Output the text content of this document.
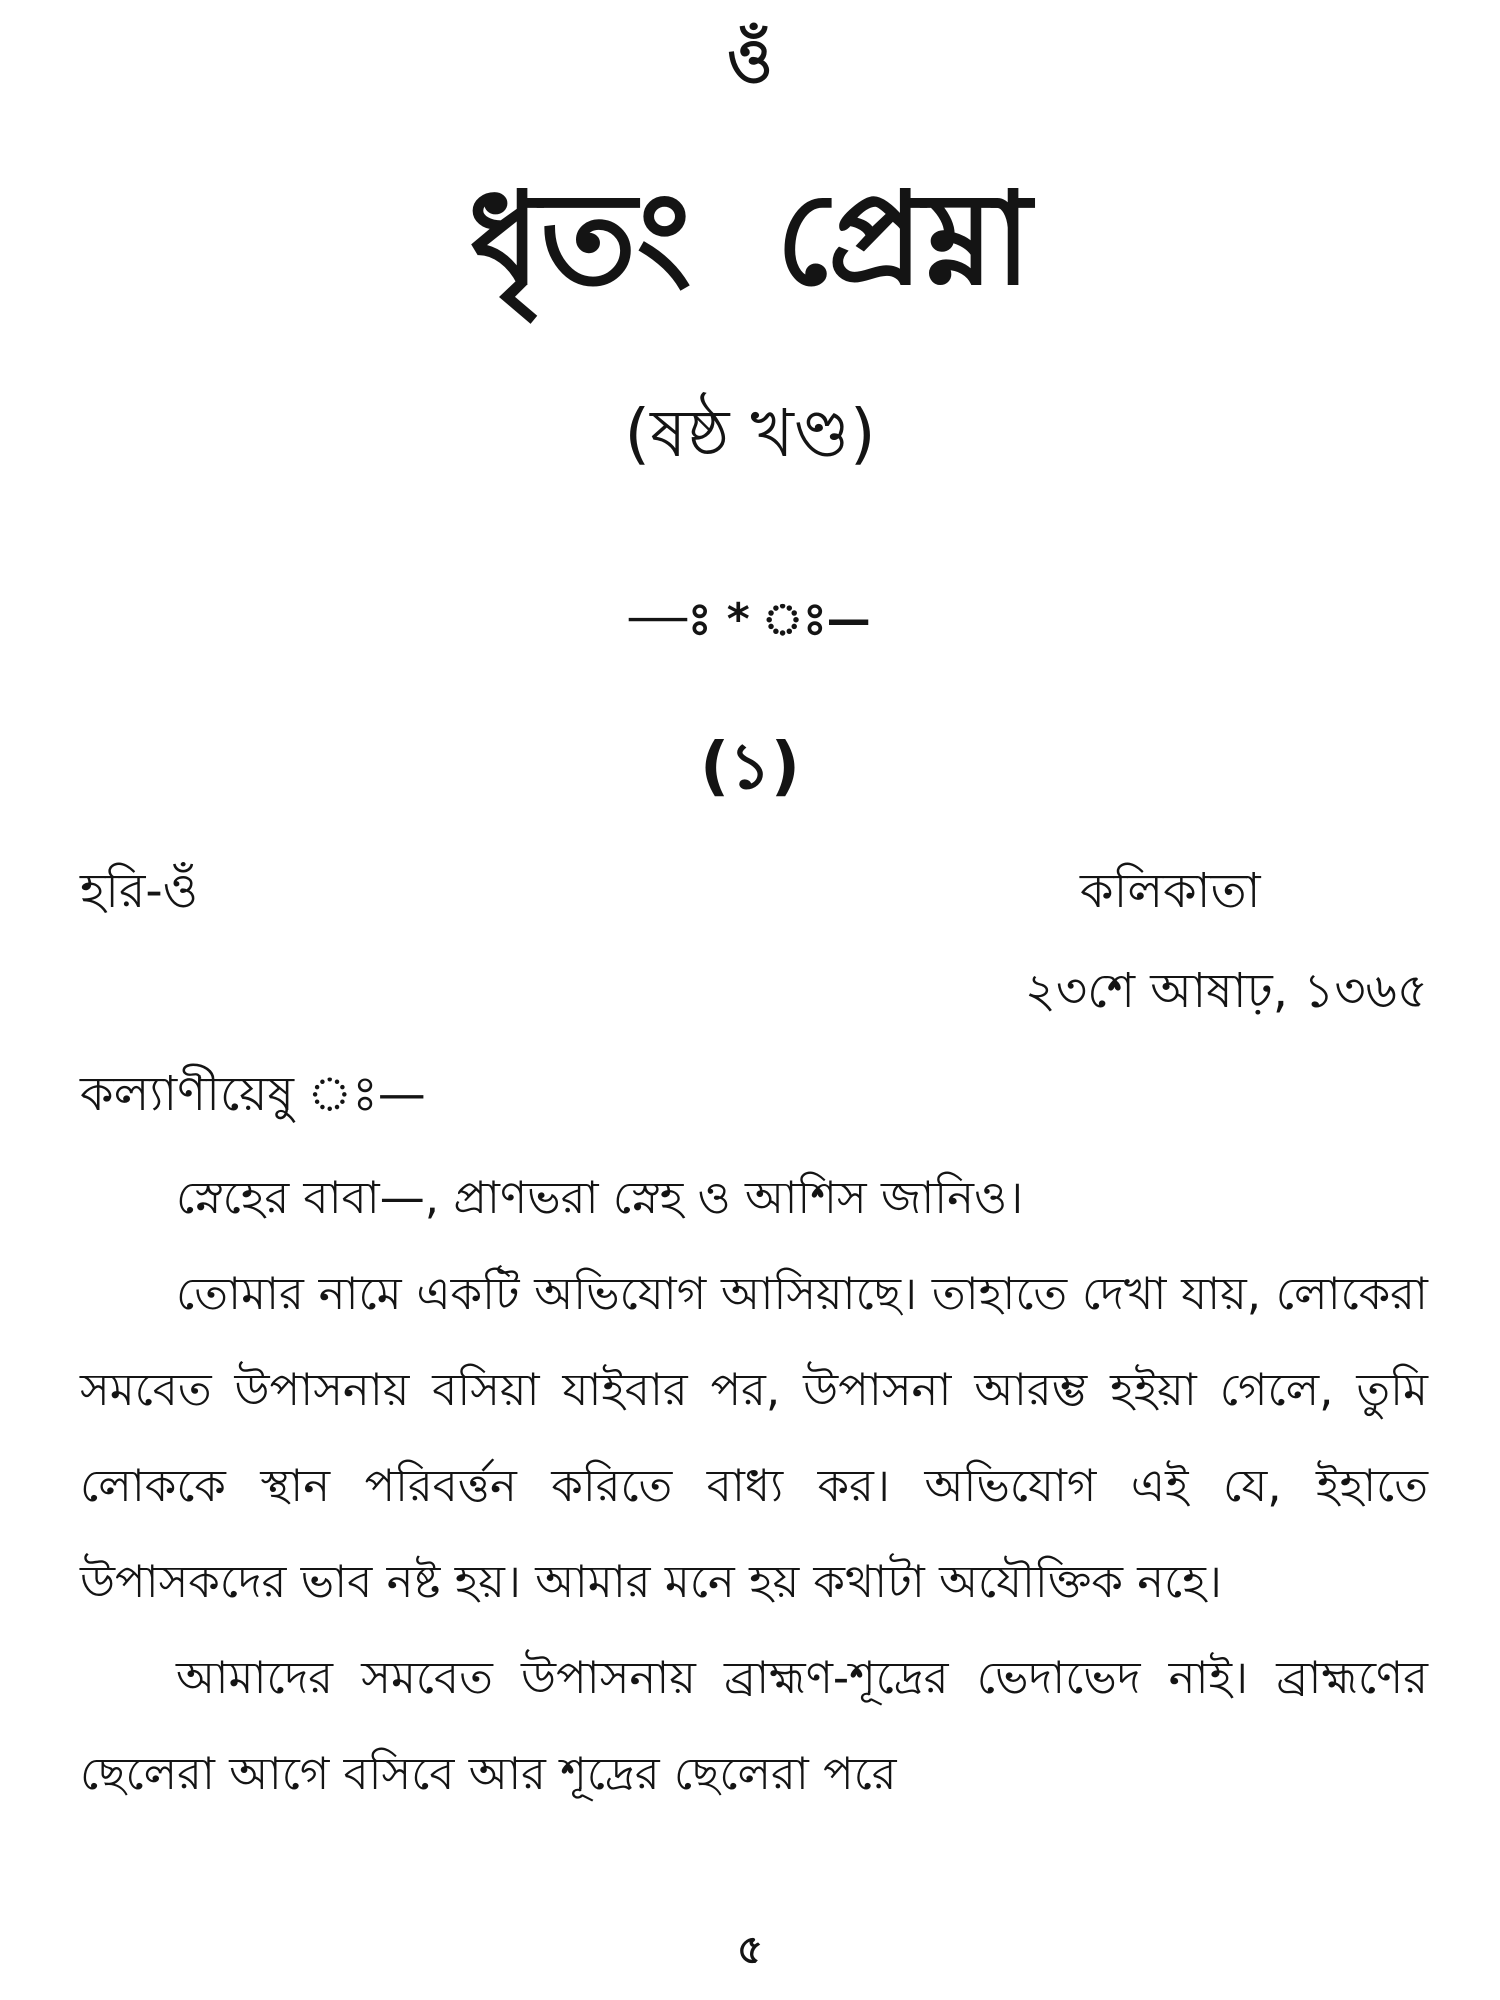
ওঁ
ধৃতং প্রেম্না
(ষষ্ঠ খণ্ড)
—ঃ * ঃ—
(১)
হরি-ওঁ	কলিকাতা
২৩শে আষাঢ়, ১৩৬৫
কল্যাণীয়েষু ঃ—

স্নেহের বাবা—, প্রাণভরা স্নেহ ও আশিস জানিও।

তোমার নামে একটি অভিযোগ আসিয়াছে। তাহাতে দেখা যায়, লোকেরা সমবেত উপাসনায় বসিয়া যাইবার পর, উপাসনা আরম্ভ হইয়া গেলে, তুমি লোককে স্থান পরিবর্ত্তন করিতে বাধ্য কর। অভিযোগ এই যে, ইহাতে উপাসকদের ভাব নষ্ট হয়। আমার মনে হয় কথাটা অযৌক্তিক নহে।

আমাদের সমবেত উপাসনায় ব্রাহ্মণ-শূদ্রের ভেদাভেদ নাই। ব্রাহ্মণের ছেলেরা আগে বসিবে আর শূদ্রের ছেলেরা পরে

৫
